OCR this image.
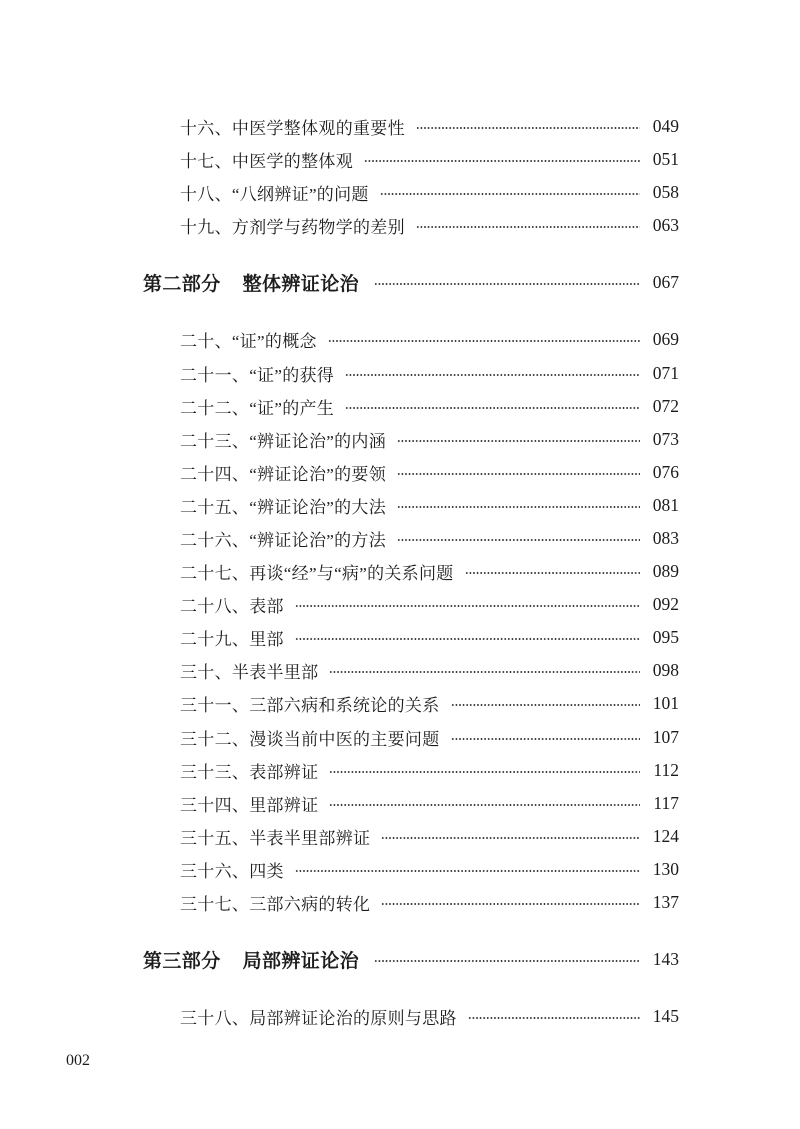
十六、中医学整体观的重要性	049
十七、中医学的整体观	051
十八、“八纲辨证”的问题	058
十九、方剂学与药物学的差别	063
第二部分 整体辨证论治	067
二十、“证”的概念	069
二十一、“证”的获得	071
二十二、“证”的产生	072
二十三、“辨证论治”的内涵	073
二十四、“辨证论治”的要领	076
二十五、“辨证论治”的大法	081
二十六、“辨证论治”的方法	083
二十七、再谈“经”与“病”的关系问题	089
二十八、表部	092
二十九、里部	095
三十、半表半里部	098
三十一、三部六病和系统论的关系	101
三十二、漫谈当前中医的主要问题	107
三十三、表部辨证	112
三十四、里部辨证	117
三十五、半表半里部辨证	124
三十六、四类	130
三十七、三部六病的转化	137
第三部分 局部辨证论治	143
三十八、局部辨证论治的原则与思路	145
002
